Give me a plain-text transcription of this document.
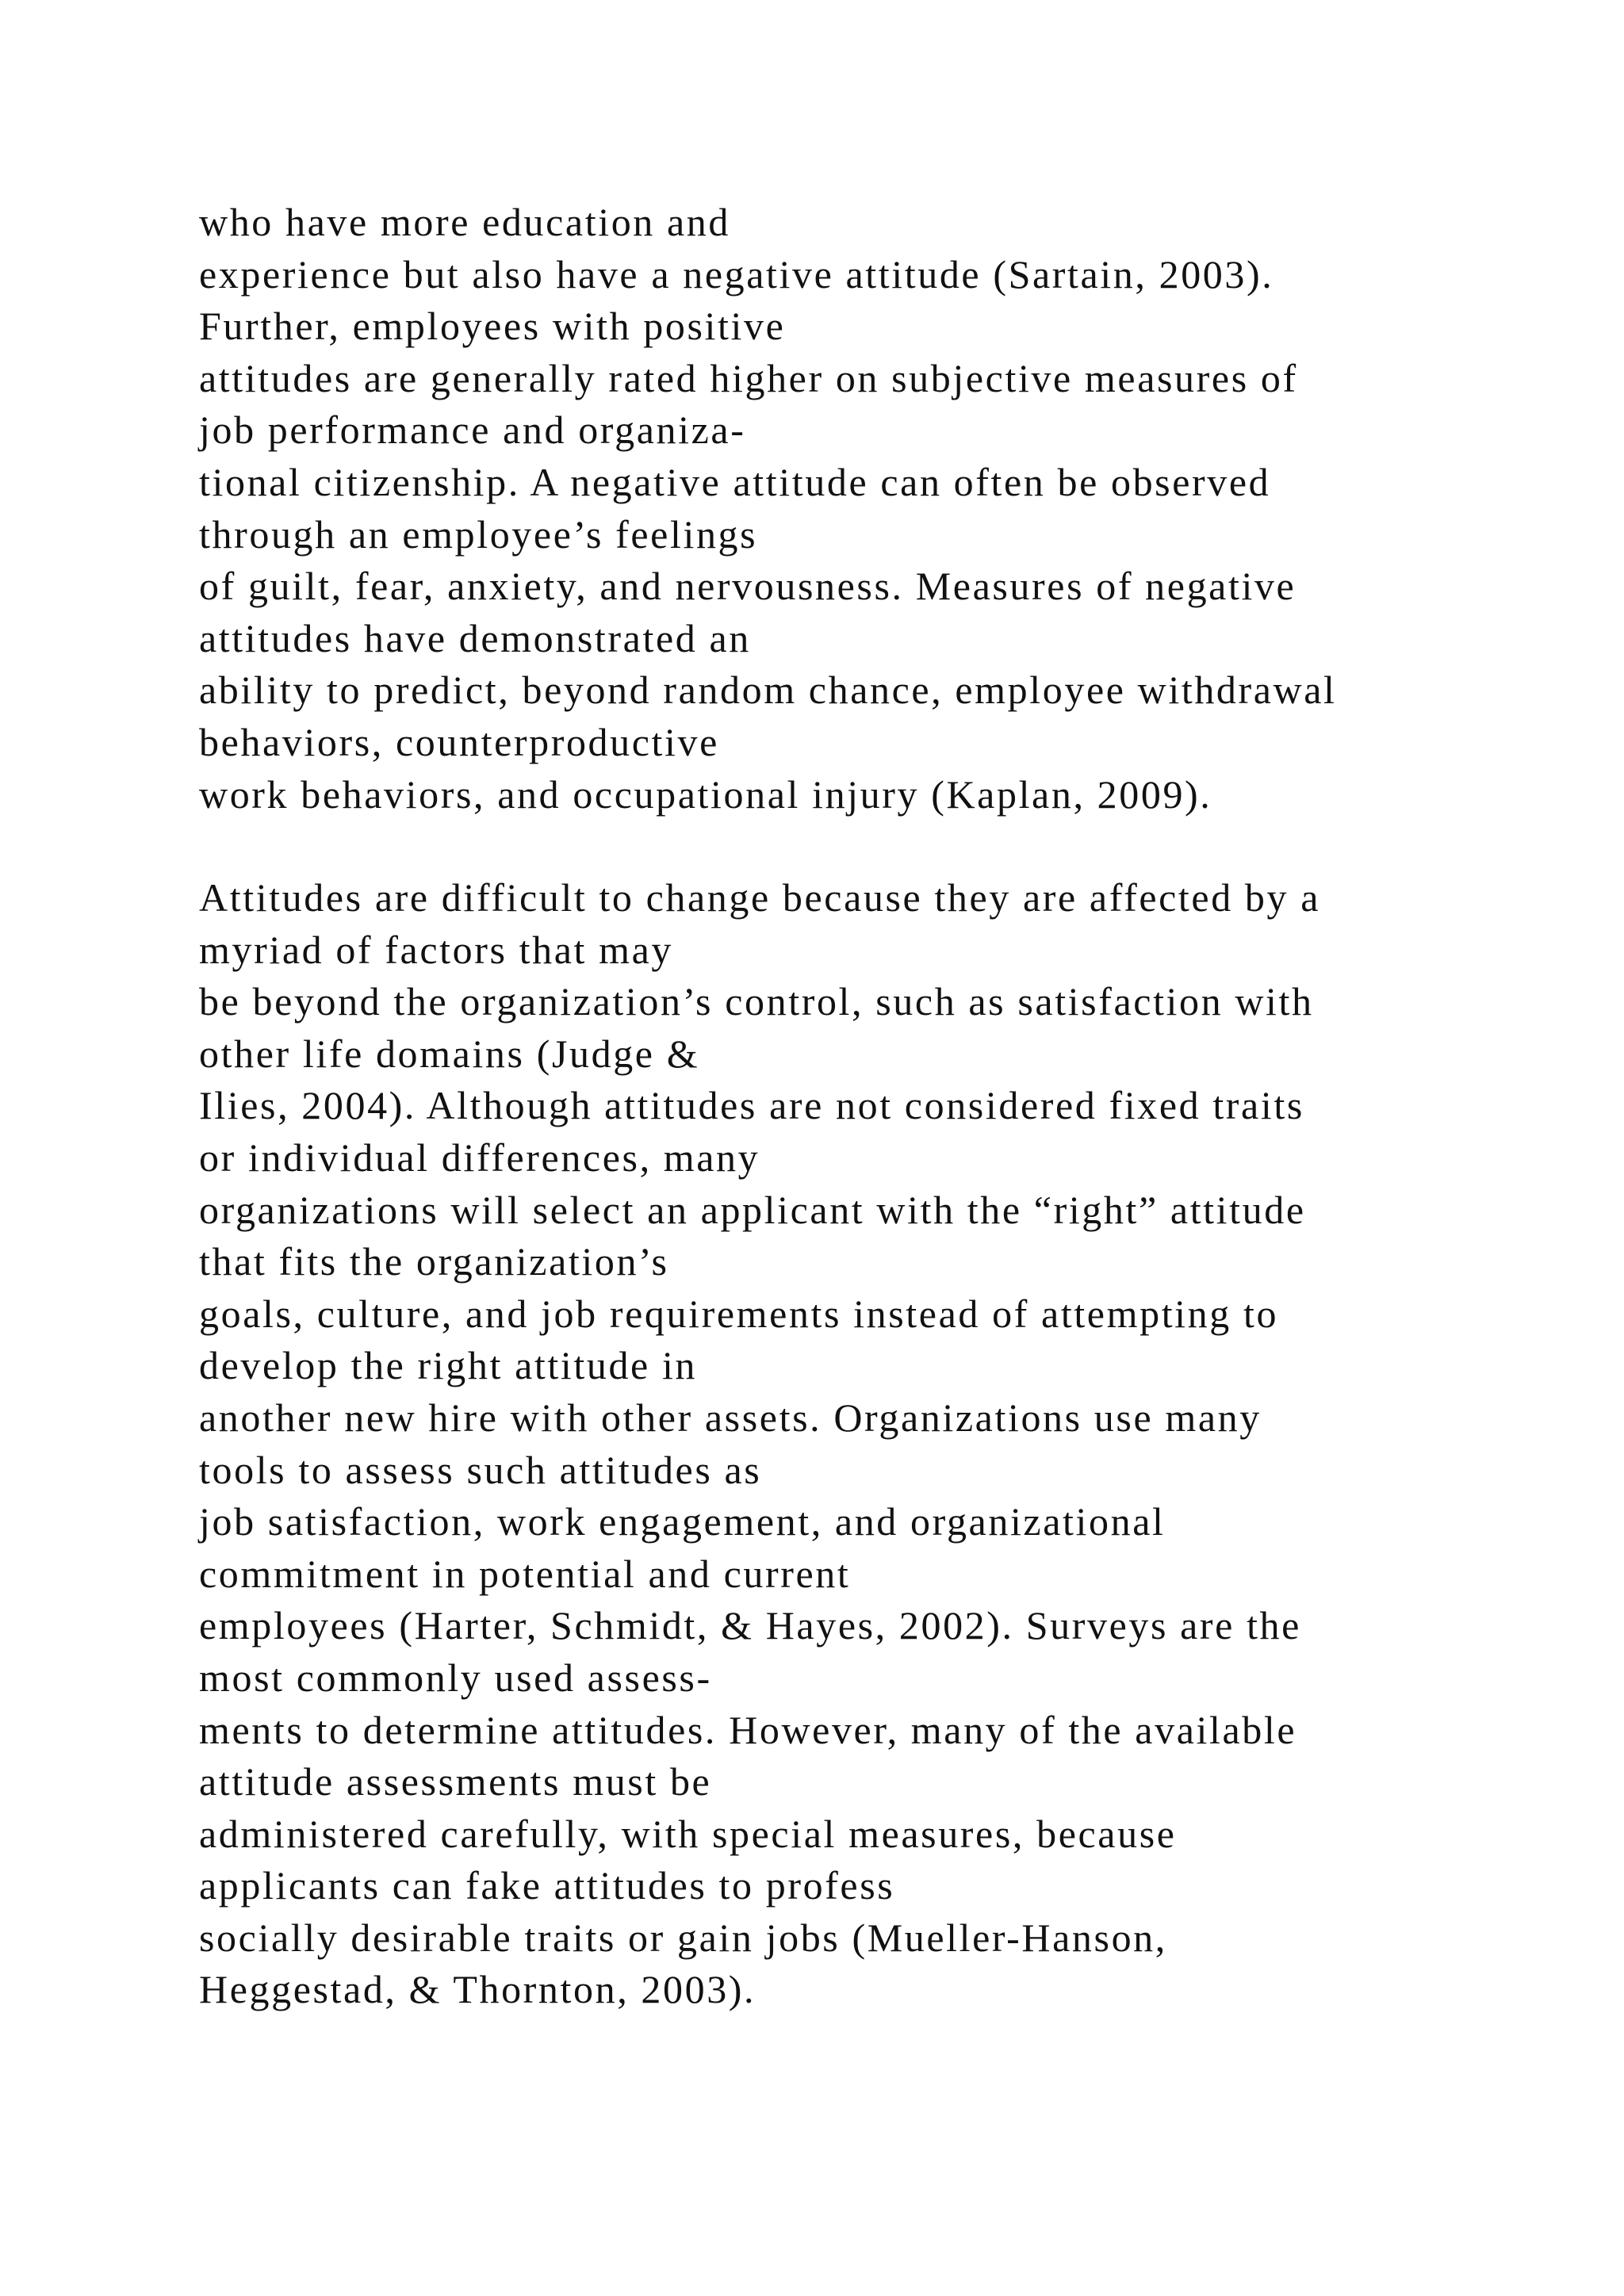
who have more education and
experience but also have a negative attitude (Sartain, 2003).
Further, employees with positive
attitudes are generally rated higher on subjective measures of
job performance and organiza-
tional citizenship. A negative attitude can often be observed
through an employee’s feelings
of guilt, fear, anxiety, and nervousness. Measures of negative
attitudes have demonstrated an
ability to predict, beyond random chance, employee withdrawal
behaviors, counterproductive
work behaviors, and occupational injury (Kaplan, 2009).
Attitudes are difficult to change because they are affected by a
myriad of factors that may
be beyond the organization’s control, such as satisfaction with
other life domains (Judge &
Ilies, 2004). Although attitudes are not considered fixed traits
or individual differences, many
organizations will select an applicant with the “right” attitude
that fits the organization’s
goals, culture, and job requirements instead of attempting to
develop the right attitude in
another new hire with other assets. Organizations use many
tools to assess such attitudes as
job satisfaction, work engagement, and organizational
commitment in potential and current
employees (Harter, Schmidt, & Hayes, 2002). Surveys are the
most commonly used assess-
ments to determine attitudes. However, many of the available
attitude assessments must be
administered carefully, with special measures, because
applicants can fake attitudes to profess
socially desirable traits or gain jobs (Mueller-Hanson,
Heggestad, & Thornton, 2003).
